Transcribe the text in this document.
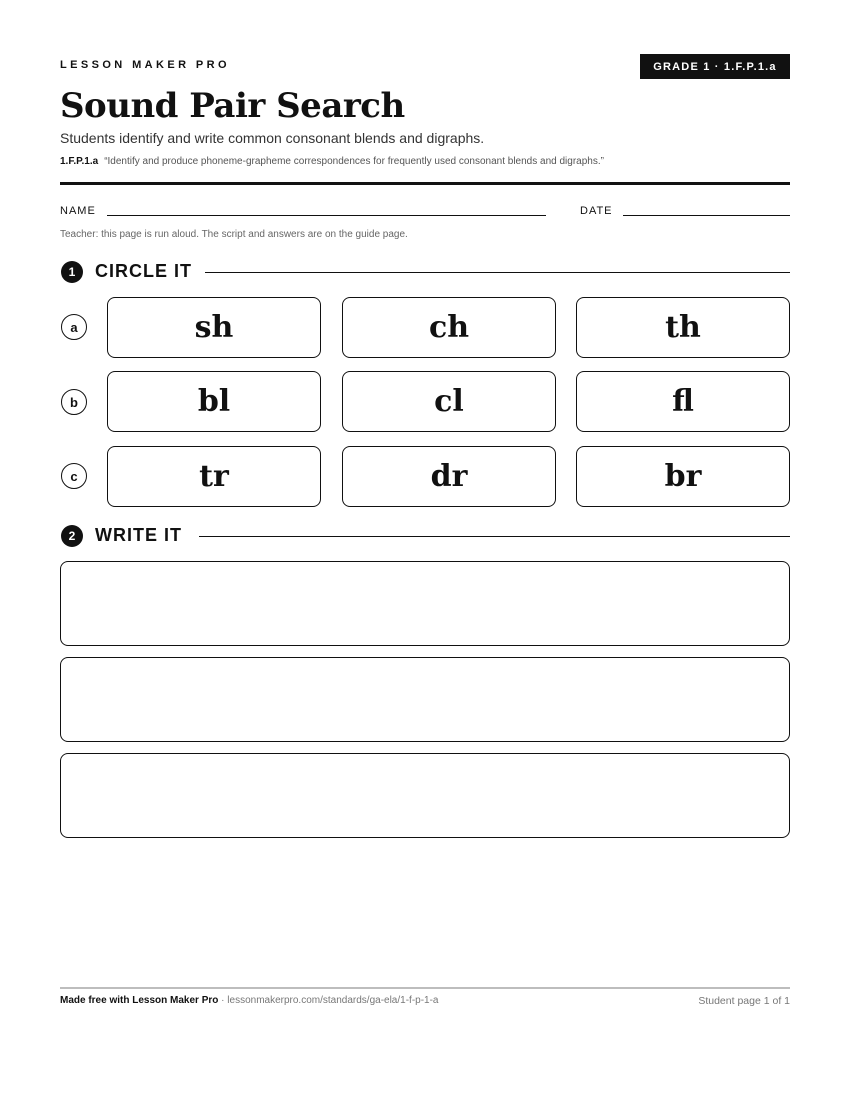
LESSON MAKER PRO	GRADE 1 · 1.F.P.1.a
Sound Pair Search
Students identify and write common consonant blends and digraphs.
1.F.P.1.a “Identify and produce phoneme-grapheme correspondences for frequently used consonant blends and digraphs.”
NAME	DATE
Teacher: this page is run aloud. The script and answers are on the guide page.
1	CIRCLE IT
a	sh	ch	th
b	bl	cl	fl
c	tr	dr	br
2	WRITE IT
Made free with Lesson Maker Pro · lessonmakerpro.com/standards/ga-ela/1-f-p-1-a	Student page 1 of 1
